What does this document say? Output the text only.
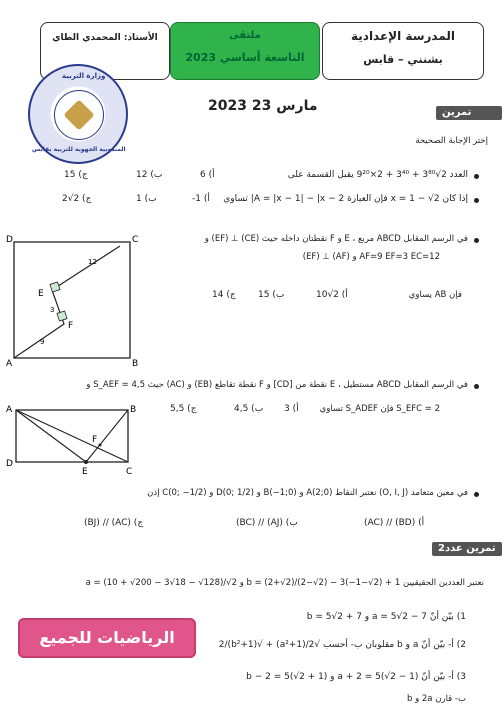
المدرسة الإعدادية
بشنني – قابس
ملتقى
التاسعة أساسي 2023
الأستاذ: المحمدي الطاي
وزارة التربية
المندوبية الجهوية للتربية بقابس
2023 مارس 23	تمرين عدد1
إختر الإجابة الصحيحة
العدد 2√3⁸⁰ + 3⁴⁰ + 2×9²⁰ يقبل القسمة على
6 (أ
12 (ب
15 (ج
إذا كان x = 1 − √2 فإن العبارة A = |x − 1| − |x − 2| تساوي
-1 (أ
1 (ب
2√2 (ج
في الرسم المقابل ABCD مربع ، E و F نقطتان داخله حيث (CE) ⊥ (EF) و
AF=9 EF=3 EC=12 و (AF) ⊥ (EF)
فإن AB يساوي
10√2 (أ
15 (ب
14 (ج
D	C
A	B
E
F
12
3
9
في الرسم المقابل ABCD مستطيل ، E نقطة من [CD] و F نقطة تقاطع (EB) و (AC) حيث S_AEF = 4,5 و
S_EFC = 2 فإن S_ADEF تساوي
3 (أ
4,5 (ب
5,5 (ج
A	B
D
C
E
F
في معين متعامد (O, I, J) نعتبر النقاط A(2;0) و B(−1;0) و D(0; 1/2) و C(0; −1/2) إذن
(AC) // (BD) (أ
(BC) // (AJ) (ب
(BJ) // (AC) (ج
تمرين عدد2
نعتبر العددين الحقيقيين b = (2+√2)/(2−√2) − 3(−1−√2) + 1 و a = (10 + √200 − 3√18 − √128)/√2
1) بيّن أنّ a = 5√2 − 7 و b = 5√2 + 7
2) أ- بيّن أنّ a و b مقلوبان ب- أحسب √2/(a²+1) + √2/(b²+1)
3) أ- بيّن أنّ a + 2 = 5(√2 − 1) و b − 2 = 5(√2 + 1)
ب- قارن 2a و b
الرياضيات للجميع
